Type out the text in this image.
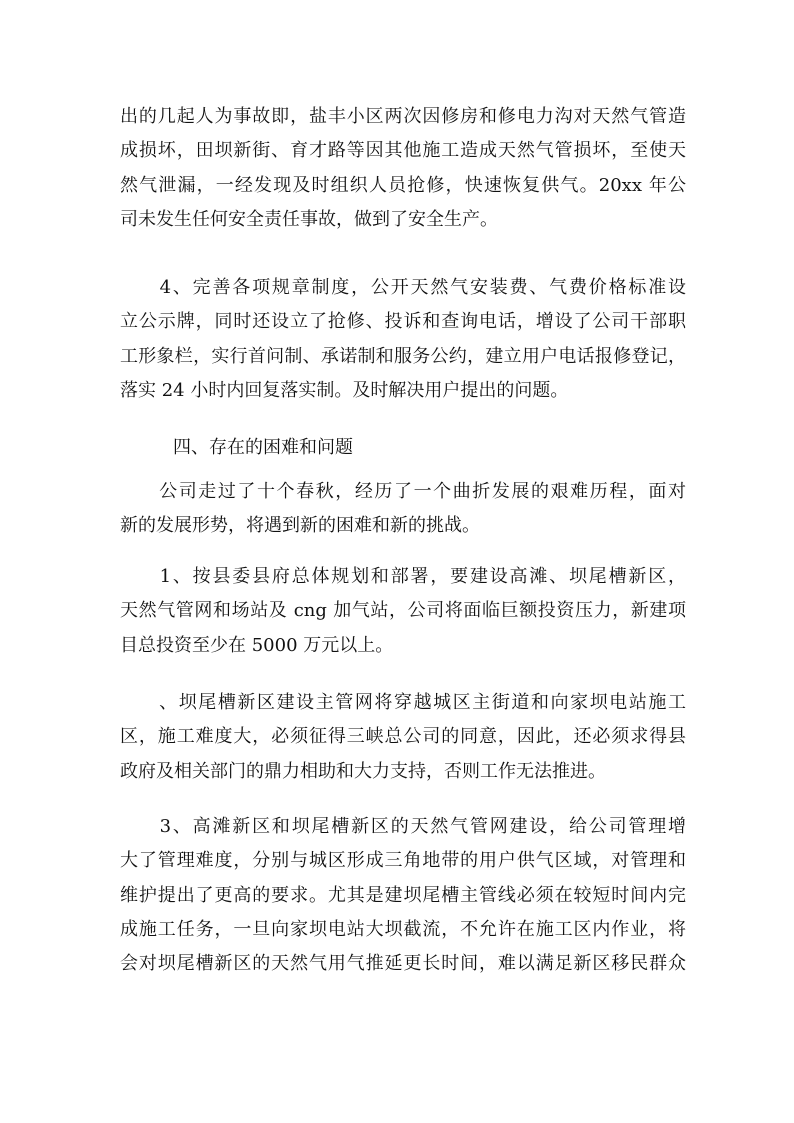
出的几起人为事故即，盐丰小区两次因修房和修电力沟对天然气管造
成损坏，田坝新街、育才路等因其他施工造成天然气管损坏，至使天
然气泄漏，一经发现及时组织人员抢修，快速恢复供气。20xx 年公
司未发生任何安全责任事故，做到了安全生产。

　　4、完善各项规章制度，公开天然气安装费、气费价格标准设
立公示牌，同时还设立了抢修、投诉和查询电话，增设了公司干部职
工形象栏，实行首问制、承诺制和服务公约，建立用户电话报修登记，
落实 24 小时内回复落实制。及时解决用户提出的问题。

四、存在的困难和问题

　　公司走过了十个春秋，经历了一个曲折发展的艰难历程，面对
新的发展形势，将遇到新的困难和新的挑战。

　　1、按县委县府总体规划和部署，要建设高滩、坝尾槽新区，
天然气管网和场站及 cng 加气站，公司将面临巨额投资压力，新建项
目总投资至少在 5000 万元以上。

　　、坝尾槽新区建设主管网将穿越城区主街道和向家坝电站施工
区，施工难度大，必须征得三峡总公司的同意，因此，还必须求得县
政府及相关部门的鼎力相助和大力支持，否则工作无法推进。

　　3、高滩新区和坝尾槽新区的天然气管网建设，给公司管理增
大了管理难度，分别与城区形成三角地带的用户供气区域，对管理和
维护提出了更高的要求。尤其是建坝尾槽主管线必须在较短时间内完
成施工任务，一旦向家坝电站大坝截流，不允许在施工区内作业，将
会对坝尾槽新区的天然气用气推延更长时间，难以满足新区移民群众
